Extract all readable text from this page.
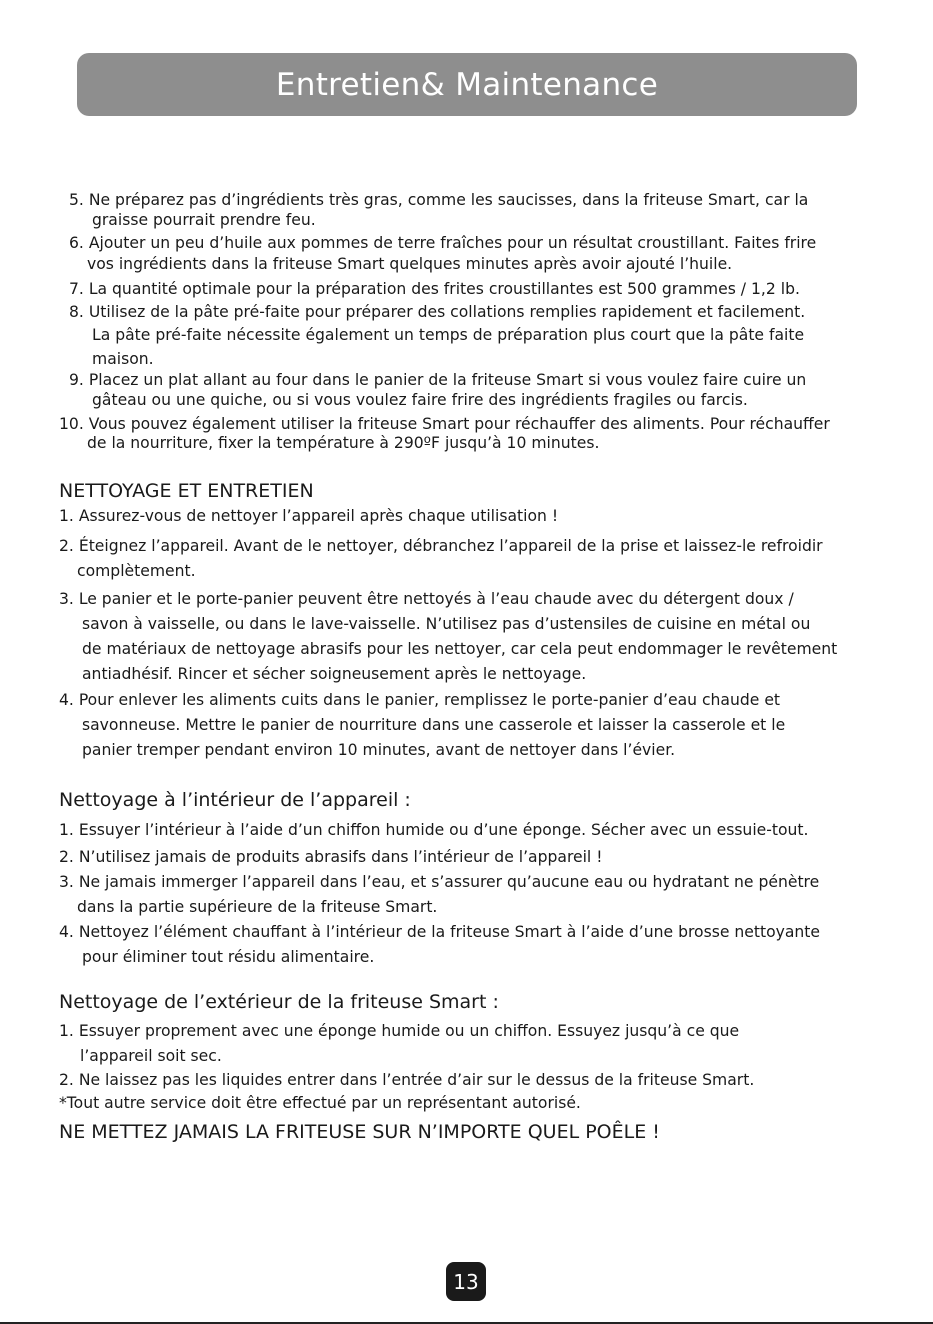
Entretien& Maintenance
5. Ne préparez pas d’ingrédients très gras, comme les saucisses, dans la friteuse Smart, car la
graisse pourrait prendre feu.
6. Ajouter un peu d’huile aux pommes de terre fraîches pour un résultat croustillant. Faites frire
vos ingrédients dans la friteuse Smart quelques minutes après avoir ajouté l’huile.
7. La quantité optimale pour la préparation des frites croustillantes est 500 grammes / 1,2 lb.
8. Utilisez de la pâte pré-faite pour préparer des collations remplies rapidement et facilement.
La pâte pré-faite nécessite également un temps de préparation plus court que la pâte faite
maison.
9. Placez un plat allant au four dans le panier de la friteuse Smart si vous voulez faire cuire un
gâteau ou une quiche, ou si vous voulez faire frire des ingrédients fragiles ou farcis.
10. Vous pouvez également utiliser la friteuse Smart pour réchauffer des aliments. Pour réchauffer
de la nourriture, fixer la température à 290ºF jusqu’à 10 minutes.
NETTOYAGE ET ENTRETIEN
1. Assurez-vous de nettoyer l’appareil après chaque utilisation !
2. Éteignez l’appareil. Avant de le nettoyer, débranchez l’appareil de la prise et laissez-le refroidir
complètement.
3. Le panier et le porte-panier peuvent être nettoyés à l’eau chaude avec du détergent doux /
savon à vaisselle, ou dans le lave-vaisselle. N’utilisez pas d’ustensiles de cuisine en métal ou
de matériaux de nettoyage abrasifs pour les nettoyer, car cela peut endommager le revêtement
antiadhésif. Rincer et sécher soigneusement après le nettoyage.
4. Pour enlever les aliments cuits dans le panier, remplissez le porte-panier d’eau chaude et
savonneuse. Mettre le panier de nourriture dans une casserole et laisser la casserole et le
panier tremper pendant environ 10 minutes, avant de nettoyer dans l’évier.
Nettoyage à l’intérieur de l’appareil :
1. Essuyer l’intérieur à l’aide d’un chiffon humide ou d’une éponge. Sécher avec un essuie-tout.
2. N’utilisez jamais de produits abrasifs dans l’intérieur de l’appareil !
3. Ne jamais immerger l’appareil dans l’eau, et s’assurer qu’aucune eau ou hydratant ne pénètre
dans la partie supérieure de la friteuse Smart.
4. Nettoyez l’élément chauffant à l’intérieur de la friteuse Smart à l’aide d’une brosse nettoyante
pour éliminer tout résidu alimentaire.
Nettoyage de l’extérieur de la friteuse Smart :
1. Essuyer proprement avec une éponge humide ou un chiffon. Essuyez jusqu’à ce que
l’appareil soit sec.
2. Ne laissez pas les liquides entrer dans l’entrée d’air sur le dessus de la friteuse Smart.
*Tout autre service doit être effectué par un représentant autorisé.
NE METTEZ JAMAIS LA FRITEUSE SUR N’IMPORTE QUEL POÊLE !
13
